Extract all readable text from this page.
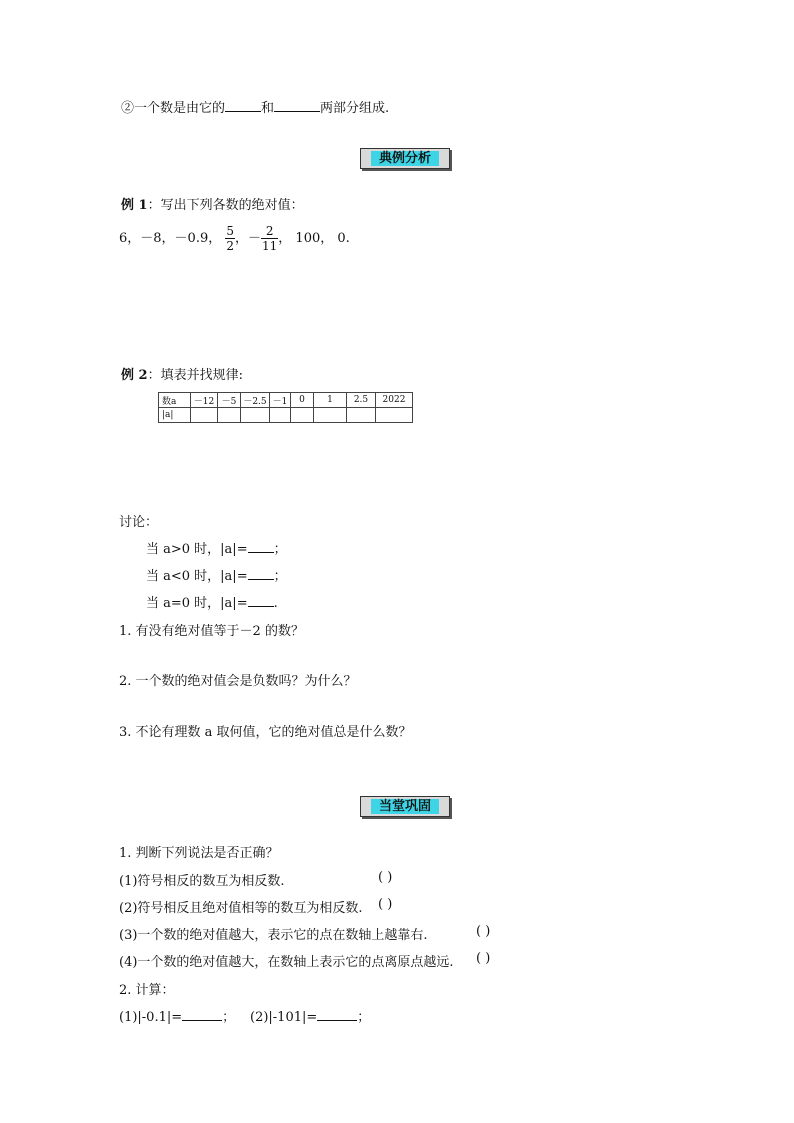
②一个数是由它的	和	两部分组成.
典例分析
例 1：写出下列各数的绝对值：
6，－8，－0.9， $\frac{5}{2}$ ，－ $\frac{2}{11}$ ， 100， 0.
例 2：填表并找规律:
数a	－12	－5	－2.5	－1	0	1	2.5	2022
|a|								
讨论：
当 a>0 时，|a|= ；
当 a<0 时，|a|= ；
当 a=0 时，|a|= .
1. 有没有绝对值等于－2 的数？
2. 一个数的绝对值会是负数吗？为什么？
3. 不论有理数 a 取何值，它的绝对值总是什么数？
当堂巩固
1. 判断下列说法是否正确？
(1)符号相反的数互为相反数.	( )
(2)符号相反且绝对值相等的数互为相反数. ( )
(3)一个数的绝对值越大，表示它的点在数轴上越靠右.	( )
(4)一个数的绝对值越大，在数轴上表示它的点离原点越远. ( )
2. 计算：
(1)|-0.1|=	； (2)|-101|=	；
